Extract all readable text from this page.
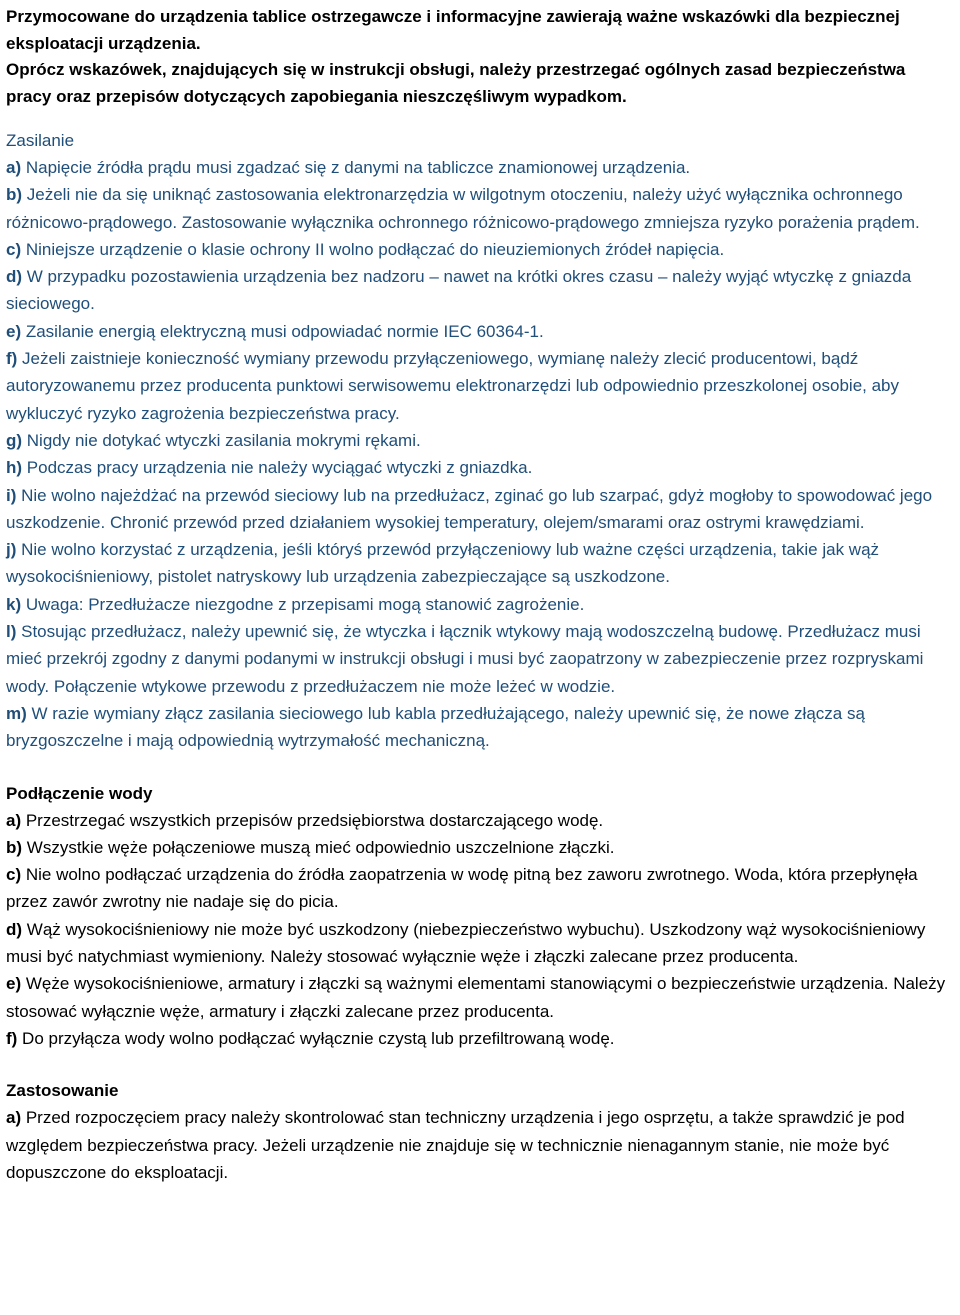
Przymocowane do urządzenia tablice ostrzegawcze i informacyjne zawierają ważne wskazówki dla bezpiecznej eksploatacji urządzenia.

Oprócz wskazówek, znajdujących się w instrukcji obsługi, należy przestrzegać ogólnych zasad bezpieczeństwa pracy oraz przepisów dotyczących zapobiegania nieszczęśliwym wypadkom.

Zasilanie

a) Napięcie źródła prądu musi zgadzać się z danymi na tabliczce znamionowej urządzenia.

b) Jeżeli nie da się uniknąć zastosowania elektronarzędzia w wilgotnym otoczeniu, należy użyć wyłącznika ochronnego różnicowo-prądowego. Zastosowanie wyłącznika ochronnego różnicowo-prądowego zmniejsza ryzyko porażenia prądem.

c) Niniejsze urządzenie o klasie ochrony II wolno podłączać do nieuziemionych źródeł napięcia.

d) W przypadku pozostawienia urządzenia bez nadzoru – nawet na krótki okres czasu – należy wyjąć wtyczkę z gniazda sieciowego.

e) Zasilanie energią elektryczną musi odpowiadać normie IEC 60364-1.

f) Jeżeli zaistnieje konieczność wymiany przewodu przyłączeniowego, wymianę należy zlecić producentowi, bądź autoryzowanemu przez producenta punktowi serwisowemu elektronarzędzi lub odpowiednio przeszkolonej osobie, aby wykluczyć ryzyko zagrożenia bezpieczeństwa pracy.

g) Nigdy nie dotykać wtyczki zasilania mokrymi rękami.

h) Podczas pracy urządzenia nie należy wyciągać wtyczki z gniazdka.

i) Nie wolno najeżdżać na przewód sieciowy lub na przedłużacz, zginać go lub szarpać, gdyż mogłoby to spowodować jego uszkodzenie. Chronić przewód przed działaniem wysokiej temperatury, olejem/smarami oraz ostrymi krawędziami.

j) Nie wolno korzystać z urządzenia, jeśli któryś przewód przyłączeniowy lub ważne części urządzenia, takie jak wąż wysokociśnieniowy, pistolet natryskowy lub urządzenia zabezpieczające są uszkodzone.

k) Uwaga: Przedłużacze niezgodne z przepisami mogą stanowić zagrożenie.

l) Stosując przedłużacz, należy upewnić się, że wtyczka i łącznik wtykowy mają wodoszczelną budowę. Przedłużacz musi mieć przekrój zgodny z danymi podanymi w instrukcji obsługi i musi być zaopatrzony w zabezpieczenie przez rozpryskami wody. Połączenie wtykowe przewodu z przedłużaczem nie może leżeć w wodzie.

m) W razie wymiany złącz zasilania sieciowego lub kabla przedłużającego, należy upewnić się, że nowe złącza są bryzgoszczelne i mają odpowiednią wytrzymałość mechaniczną.

Podłączenie wody

a) Przestrzegać wszystkich przepisów przedsiębiorstwa dostarczającego wodę.

b) Wszystkie węże połączeniowe muszą mieć odpowiednio uszczelnione złączki.

c) Nie wolno podłączać urządzenia do źródła zaopatrzenia w wodę pitną bez zaworu zwrotnego. Woda, która przepłynęła przez zawór zwrotny nie nadaje się do picia.

d) Wąż wysokociśnieniowy nie może być uszkodzony (niebezpieczeństwo wybuchu). Uszkodzony wąż wysokociśnieniowy musi być natychmiast wymieniony. Należy stosować wyłącznie węże i złączki zalecane przez producenta.

e) Węże wysokociśnieniowe, armatury i złączki są ważnymi elementami stanowiącymi o bezpieczeństwie urządzenia. Należy stosować wyłącznie węże, armatury i złączki zalecane przez producenta.

f) Do przyłącza wody wolno podłączać wyłącznie czystą lub przefiltrowaną wodę.

Zastosowanie

a) Przed rozpoczęciem pracy należy skontrolować stan techniczny urządzenia i jego osprzętu, a także sprawdzić je pod względem bezpieczeństwa pracy. Jeżeli urządzenie nie znajduje się w technicznie nienagannym stanie, nie może być dopuszczone do eksploatacji.
